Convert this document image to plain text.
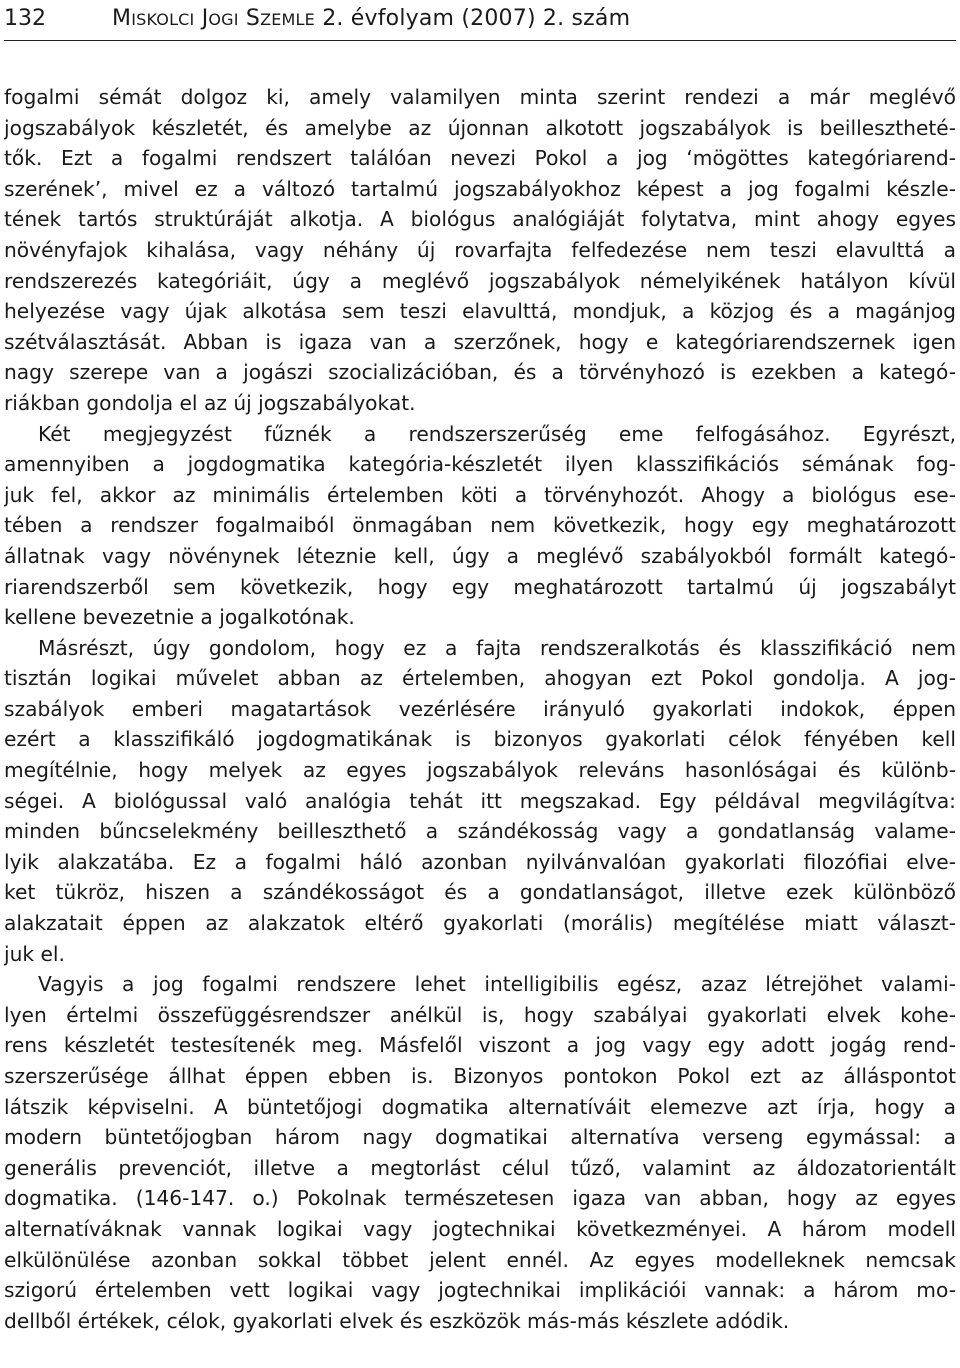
132	MISKOLCI JOGI SZEMLE 2. évfolyam (2007) 2. szám
fogalmi sémát dolgoz ki, amely valamilyen minta szerint rendezi a már meglévő
jogszabályok készletét, és amelybe az újonnan alkotott jogszabályok is beillesztheté-
tők. Ezt a fogalmi rendszert találóan nevezi Pokol a jog ‘mögöttes kategóriarend-
szerének’, mivel ez a változó tartalmú jogszabályokhoz képest a jog fogalmi készle-
tének tartós struktúráját alkotja. A biológus analógiáját folytatva, mint ahogy egyes
növényfajok kihalása, vagy néhány új rovarfajta felfedezése nem teszi elavulttá a
rendszerezés kategóriáit, úgy a meglévő jogszabályok némelyikének hatályon kívül
helyezése vagy újak alkotása sem teszi elavulttá, mondjuk, a közjog és a magánjog
szétválasztását. Abban is igaza van a szerzőnek, hogy e kategóriarendszernek igen
nagy szerepe van a jogászi szocializációban, és a törvényhozó is ezekben a kategó-
riákban gondolja el az új jogszabályokat.
Két megjegyzést fűznék a rendszerszerűség eme felfogásához. Egyrészt,
amennyiben a jogdogmatika kategória-készletét ilyen klasszifikációs sémának fog-
juk fel, akkor az minimális értelemben köti a törvényhozót. Ahogy a biológus ese-
tében a rendszer fogalmaiból önmagában nem következik, hogy egy meghatározott
állatnak vagy növénynek léteznie kell, úgy a meglévő szabályokból formált kategó-
riarendszerből sem következik, hogy egy meghatározott tartalmú új jogszabályt
kellene bevezetnie a jogalkotónak.
Másrészt, úgy gondolom, hogy ez a fajta rendszeralkotás és klasszifikáció nem
tisztán logikai művelet abban az értelemben, ahogyan ezt Pokol gondolja. A jog-
szabályok emberi magatartások vezérlésére irányuló gyakorlati indokok, éppen
ezért a klasszifikáló jogdogmatikának is bizonyos gyakorlati célok fényében kell
megítélnie, hogy melyek az egyes jogszabályok releváns hasonlóságai és különb-
ségei. A biológussal való analógia tehát itt megszakad. Egy példával megvilágítva:
minden bűncselekmény beilleszthető a szándékosság vagy a gondatlanság valame-
lyik alakzatába. Ez a fogalmi háló azonban nyilvánvalóan gyakorlati filozófiai elve-
ket tükröz, hiszen a szándékosságot és a gondatlanságot, illetve ezek különböző
alakzatait éppen az alakzatok eltérő gyakorlati (morális) megítélése miatt választ-
juk el.
Vagyis a jog fogalmi rendszere lehet intelligibilis egész, azaz létrejöhet valami-
lyen értelmi összefüggésrendszer anélkül is, hogy szabályai gyakorlati elvek kohe-
rens készletét testesítenék meg. Másfelől viszont a jog vagy egy adott jogág rend-
szerszerűsége állhat éppen ebben is. Bizonyos pontokon Pokol ezt az álláspontot
látszik képviselni. A büntetőjogi dogmatika alternatíváit elemezve azt írja, hogy a
modern büntetőjogban három nagy dogmatikai alternatíva verseng egymással: a
generális prevenciót, illetve a megtorlást célul tűző, valamint az áldozatorientált
dogmatika. (146-147. o.) Pokolnak természetesen igaza van abban, hogy az egyes
alternatíváknak vannak logikai vagy jogtechnikai következményei. A három modell
elkülönülése azonban sokkal többet jelent ennél. Az egyes modelleknek nemcsak
szigorú értelemben vett logikai vagy jogtechnikai implikációi vannak: a három mo-
dellből értékek, célok, gyakorlati elvek és eszközök más-más készlete adódik.
